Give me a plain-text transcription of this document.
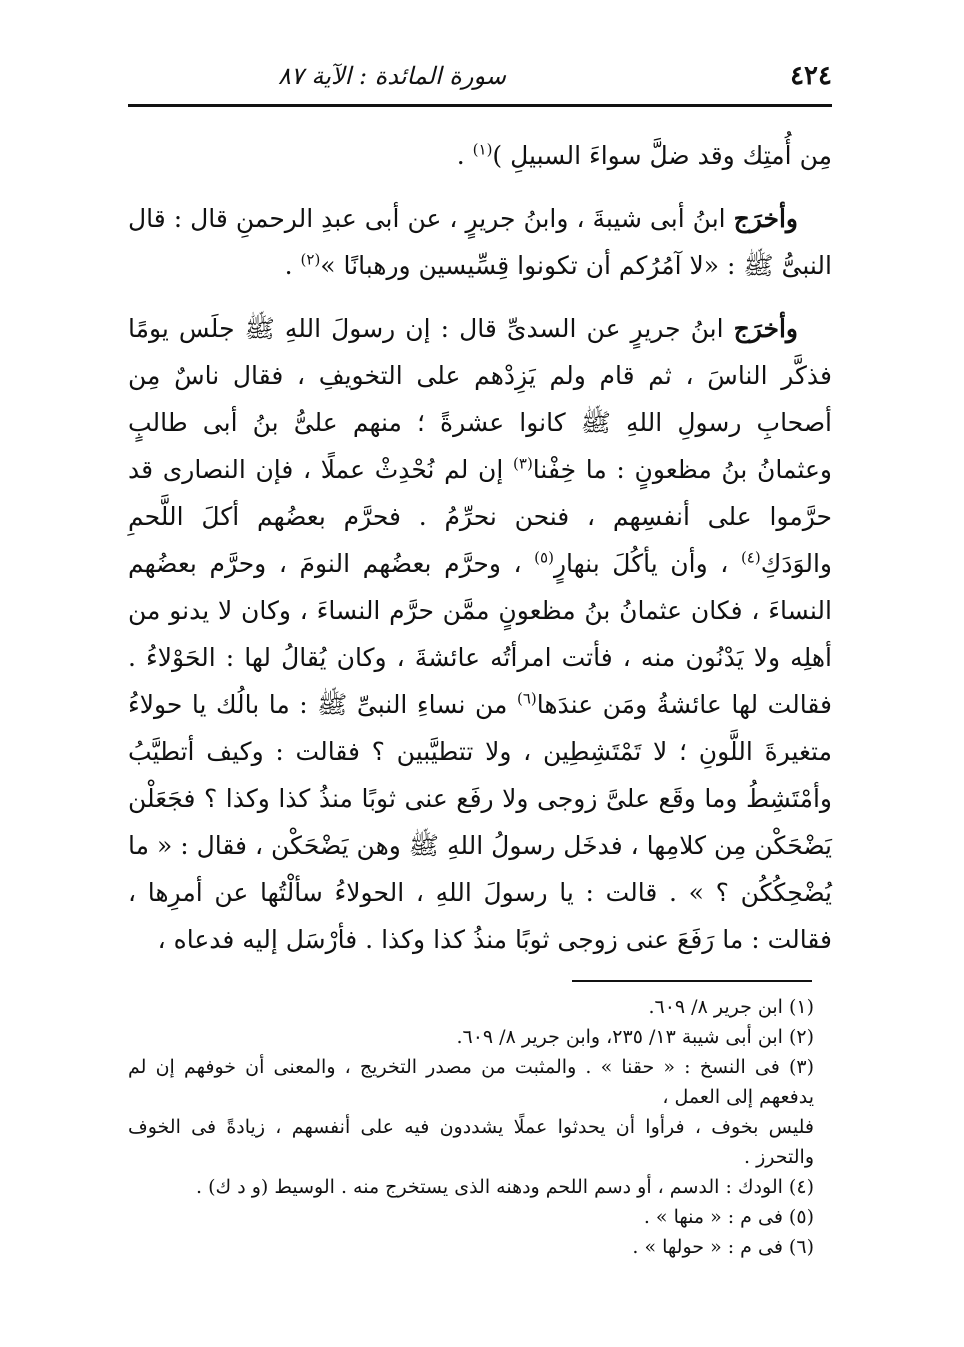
٤٢٤
سورة المائدة : الآية ٨٧

مِن أُمتِك وقد ضلَّ سواءَ السبيلِ )$^{(١)}$ .

وأخرَج ابنُ أبى شيبةَ ، وابنُ جريرٍ ، عن أبى عبدِ الرحمنِ قال : قال النبىُّ ﷺ : «لا آمُرُكم أن تكونوا قِسِّيسين ورهبانًا »$^{(٢)}$ .

وأخرَج ابنُ جريرٍ عن السدىِّ قال : إن رسولَ اللهِ ﷺ جلَس يومًا فذكَّر الناسَ ، ثم قام ولم يَزِدْهم على التخويفِ ، فقال ناسٌ مِن أصحابِ رسولِ اللهِ ﷺ كانوا عشرةً ؛ منهم علىُّ بنُ أبى طالبٍ وعثمانُ بنُ مظعونٍ : ما خِفْنا$^{(٣)}$ إن لم نُحْدِثْ عملًا ، فإن النصارى قد حرَّموا على أنفسِهم ، فنحن نحرِّمُ . فحرَّم بعضُهم أكلَ اللَّحمِ والوَدَكِ$^{(٤)}$ ، وأن يأكُلَ بنهارٍ$^{(٥)}$ ، وحرَّم بعضُهم النومَ ، وحرَّم بعضُهم النساءَ ، فكان عثمانُ بنُ مظعونٍ ممَّن حرَّم النساءَ ، وكان لا يدنو من أهلِه ولا يَدْنُون منه ، فأتت امرأتُه عائشةَ ، وكان يُقالُ لها : الحَوْلاءُ . فقالت لها عائشةُ ومَن عندَها$^{(٦)}$ من نساءِ النبىِّ ﷺ : ما بالُك يا حولاءُ متغيرةَ اللَّونِ ؛ لا تَمْتَشِطِين ، ولا تتطيَّبين ؟ فقالت : وكيف أتطيَّبُ وأمْتَشِطُ وما وقَع علىَّ زوجى ولا رفَع عنى ثوبًا منذُ كذا وكذا ؟ فجَعَلْن يَضْحَكْن مِن كلامِها ، فدخَل رسولُ اللهِ ﷺ وهن يَضْحَكْن ، فقال : « ما يُضْحِكُكُن ؟ » . قالت : يا رسولَ اللهِ ، الحولاءُ سألْتُها عن أمرِها ، فقالت : ما رَفَعَ عنى زوجى ثوبًا منذُ كذا وكذا . فأرْسَل إليه فدعاه ،

(١) ابن جرير ٨/ ٦٠٩.

(٢) ابن أبى شيبة ١٣/ ٢٣٥، وابن جرير ٨/ ٦٠٩.

(٣) فى النسخ : « حقنا » . والمثبت من مصدر التخريج ، والمعنى أن خوفهم إن لم يدفعهم إلى العمل ،
فليس بخوف ، فرأوا أن يحدثوا عملًا يشددون فيه على أنفسهم ، زيادةً فى الخوف والتحرز .

(٤) الودك : الدسم ، أو دسم اللحم ودهنه الذى يستخرج منه . الوسيط (و د ك) .

(٥) فى م : « منها » .

(٦) فى م : « حولها » .
